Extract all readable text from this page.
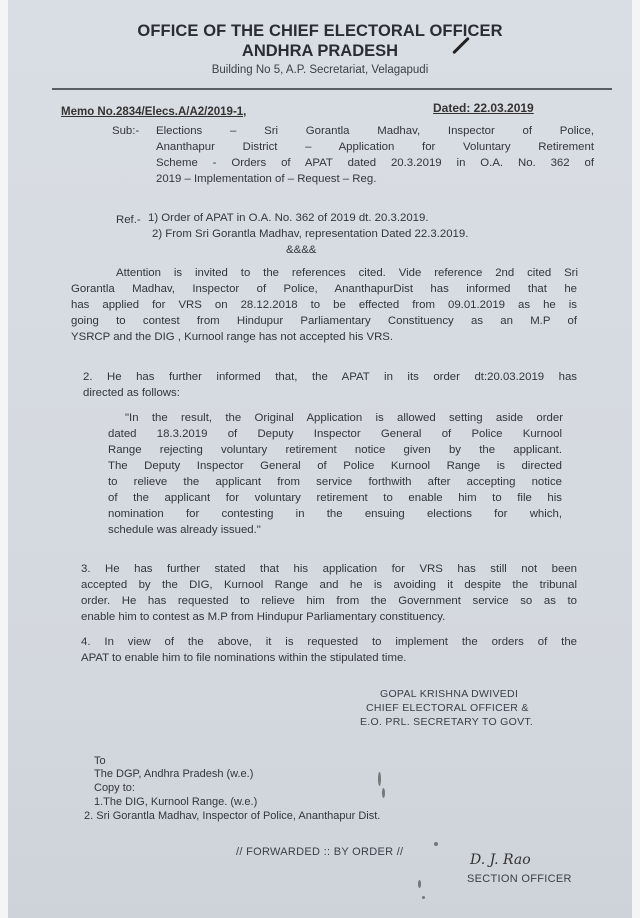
OFFICE OF THE CHIEF ELECTORAL OFFICER
ANDHRA PRADESH
Building No 5, A.P. Secretariat, Velagapudi
Memo No.2834/Elecs.A/A2/2019-1,	Dated: 22.03.2019
Sub:- Elections – Sri Gorantla Madhav, Inspector of Police,
Ananthapur District – Application for Voluntary Retirement
Scheme - Orders of APAT dated 20.3.2019 in O.A. No. 362 of
2019 – Implementation of – Request – Reg.
Ref.- 1) Order of APAT in O.A. No. 362 of 2019 dt. 20.3.2019.
2) From Sri Gorantla Madhav, representation Dated 22.3.2019.
&&&&
Attention is invited to the references cited. Vide reference 2nd cited Sri
Gorantla Madhav, Inspector of Police, AnanthapurDist has informed that he
has applied for VRS on 28.12.2018 to be effected from 09.01.2019 as he is
going to contest from Hindupur Parliamentary Constituency as an M.P of
YSRCP and the DIG , Kurnool range has not accepted his VRS.
2. He has further informed that, the APAT in its order dt:20.03.2019 has
directed as follows:
"In the result, the Original Application is allowed setting aside order
dated 18.3.2019 of Deputy Inspector General of Police Kurnool
Range rejecting voluntary retirement notice given by the applicant.
The Deputy Inspector General of Police Kurnool Range is directed
to relieve the applicant from service forthwith after accepting notice
of the applicant for voluntary retirement to enable him to file his
nomination for contesting in the ensuing elections for which,
schedule was already issued."
3. He has further stated that his application for VRS has still not been
accepted by the DIG, Kurnool Range and he is avoiding it despite the tribunal
order. He has requested to relieve him from the Government service so as to
enable him to contest as M.P from Hindupur Parliamentary constituency.
4. In view of the above, it is requested to implement the orders of the
APAT to enable him to file nominations within the stipulated time.
GOPAL KRISHNA DWIVEDI
CHIEF ELECTORAL OFFICER &
E.O. PRL. SECRETARY TO GOVT.
To
The DGP, Andhra Pradesh (w.e.)
Copy to:
1.The DIG, Kurnool Range. (w.e.)
2. Sri Gorantla Madhav, Inspector of Police, Ananthapur Dist.
// FORWARDED :: BY ORDER //	D. J. Rao
SECTION OFFICER
